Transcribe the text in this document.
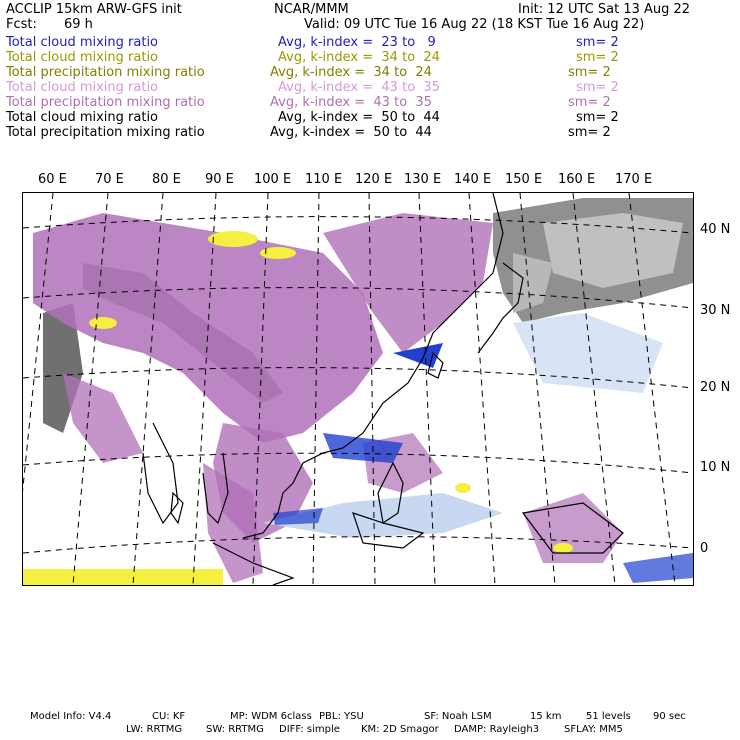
ACCLIP 15km ARW-GFS init	NCAR/MMM	Init: 12 UTC Sat 13 Aug 22
Fcst: 69 h	Valid: 09 UTC Tue 16 Aug 22 (18 KST Tue 16 Aug 22)
Total cloud mixing ratio	Avg, k-index =  23 to   9	sm= 2
Total cloud mixing ratio	Avg, k-index =  34 to  24	sm= 2
Total precipitation mixing ratio	Avg, k-index =  34 to  24	sm= 2
Total cloud mixing ratio	Avg, k-index =  43 to  35	sm= 2
Total precipitation mixing ratio	Avg, k-index =  43 to  35	sm= 2
Total cloud mixing ratio	Avg, k-index =  50 to  44	sm= 2
Total precipitation mixing ratio	Avg, k-index =  50 to  44	sm= 2
60 E 70 E 80 E 90 E 100 E 110 E 120 E 130 E 140 E 150 E 160 E 170 E
40 N
30 N
20 N
10 N
0
Model Info: V4.4	CU: KF	MP: WDM 6class PBL: YSU	SF: Noah LSM	15 km 51 levels 90 sec
LW: RRTMG SW: RRTMG DIFF: simple KM: 2D Smagor DAMP: Rayleigh3 SFLAY: MM5
